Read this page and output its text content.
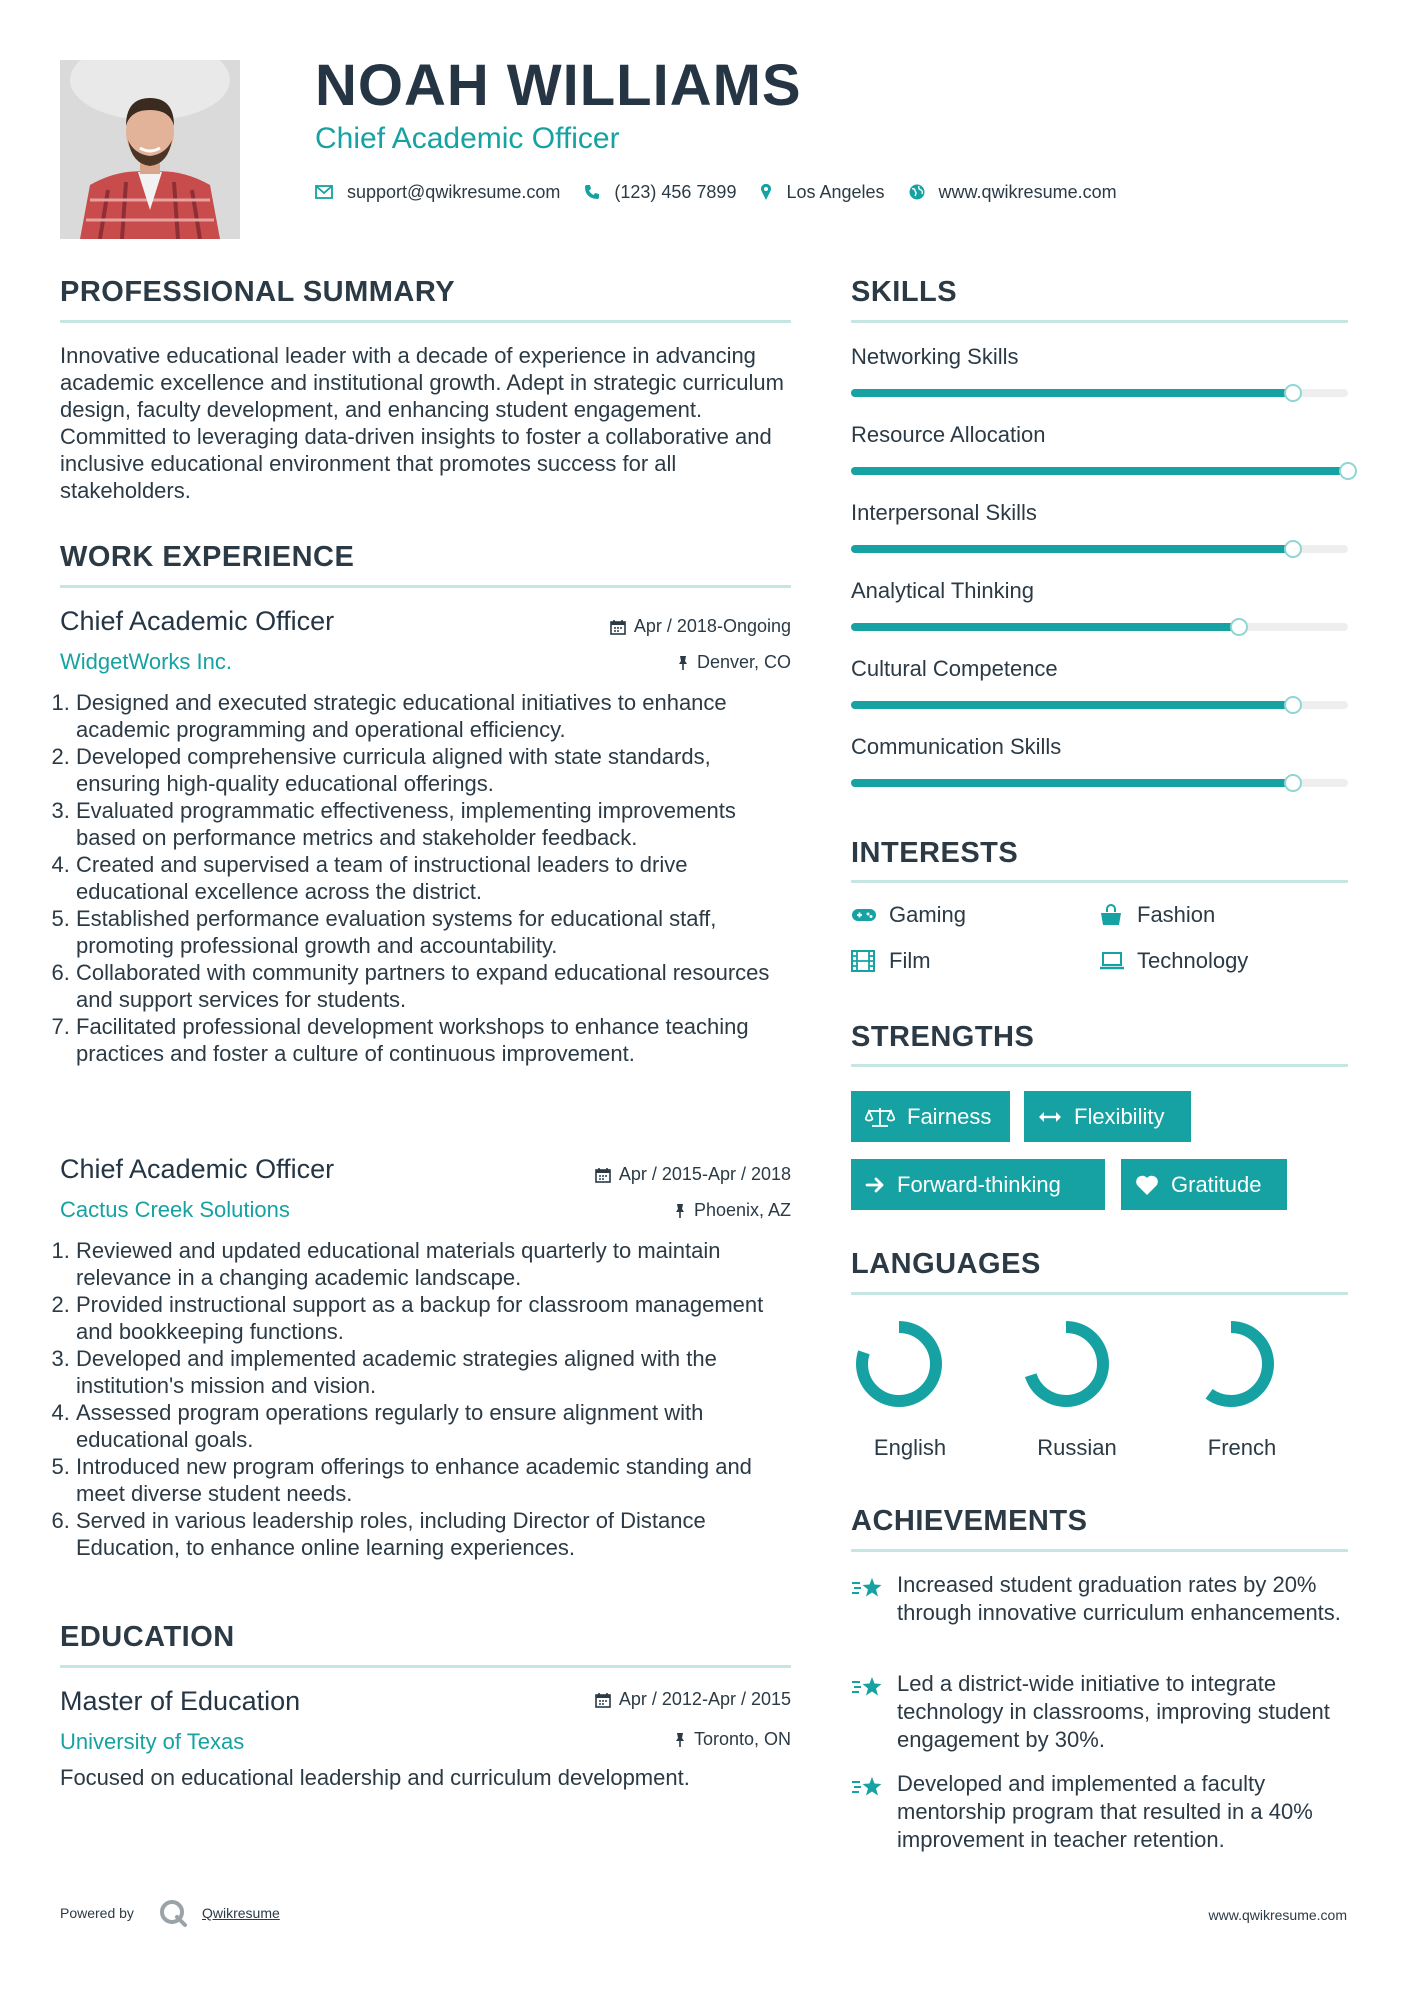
NOAH WILLIAMS
Chief Academic Officer
support@qwikresume.com	(123) 456 7899	Los Angeles	www.qwikresume.com
PROFESSIONAL SUMMARY
Innovative educational leader with a decade of experience in advancing academic excellence and institutional growth. Adept in strategic curriculum design, faculty development, and enhancing student engagement. Committed to leveraging data-driven insights to foster a collaborative and inclusive educational environment that promotes success for all stakeholders.
WORK EXPERIENCE
Chief Academic Officer
WidgetWorks Inc.
Apr / 2018-Ongoing
Denver, CO
1. Designed and executed strategic educational initiatives to enhance academic programming and operational efficiency.
2. Developed comprehensive curricula aligned with state standards, ensuring high-quality educational offerings.
3. Evaluated programmatic effectiveness, implementing improvements based on performance metrics and stakeholder feedback.
4. Created and supervised a team of instructional leaders to drive educational excellence across the district.
5. Established performance evaluation systems for educational staff, promoting professional growth and accountability.
6. Collaborated with community partners to expand educational resources and support services for students.
7. Facilitated professional development workshops to enhance teaching practices and foster a culture of continuous improvement.
Chief Academic Officer
Cactus Creek Solutions
Apr / 2015-Apr / 2018
Phoenix, AZ
1. Reviewed and updated educational materials quarterly to maintain relevance in a changing academic landscape.
2. Provided instructional support as a backup for classroom management and bookkeeping functions.
3. Developed and implemented academic strategies aligned with the institution's mission and vision.
4. Assessed program operations regularly to ensure alignment with educational goals.
5. Introduced new program offerings to enhance academic standing and meet diverse student needs.
6. Served in various leadership roles, including Director of Distance Education, to enhance online learning experiences.
EDUCATION
Master of Education
University of Texas
Apr / 2012-Apr / 2015
Toronto, ON
Focused on educational leadership and curriculum development.
SKILLS
Networking Skills
Resource Allocation
Interpersonal Skills
Analytical Thinking
Cultural Competence
Communication Skills
INTERESTS
Gaming	Fashion
Film	Technology
STRENGTHS
Fairness	Flexibility
Forward-thinking	Gratitude
LANGUAGES
English	Russian	French
ACHIEVEMENTS
Increased student graduation rates by 20% through innovative curriculum enhancements.
Led a district-wide initiative to integrate technology in classrooms, improving student engagement by 30%.
Developed and implemented a faculty mentorship program that resulted in a 40% improvement in teacher retention.
Powered by	Qwikresume	www.qwikresume.com
